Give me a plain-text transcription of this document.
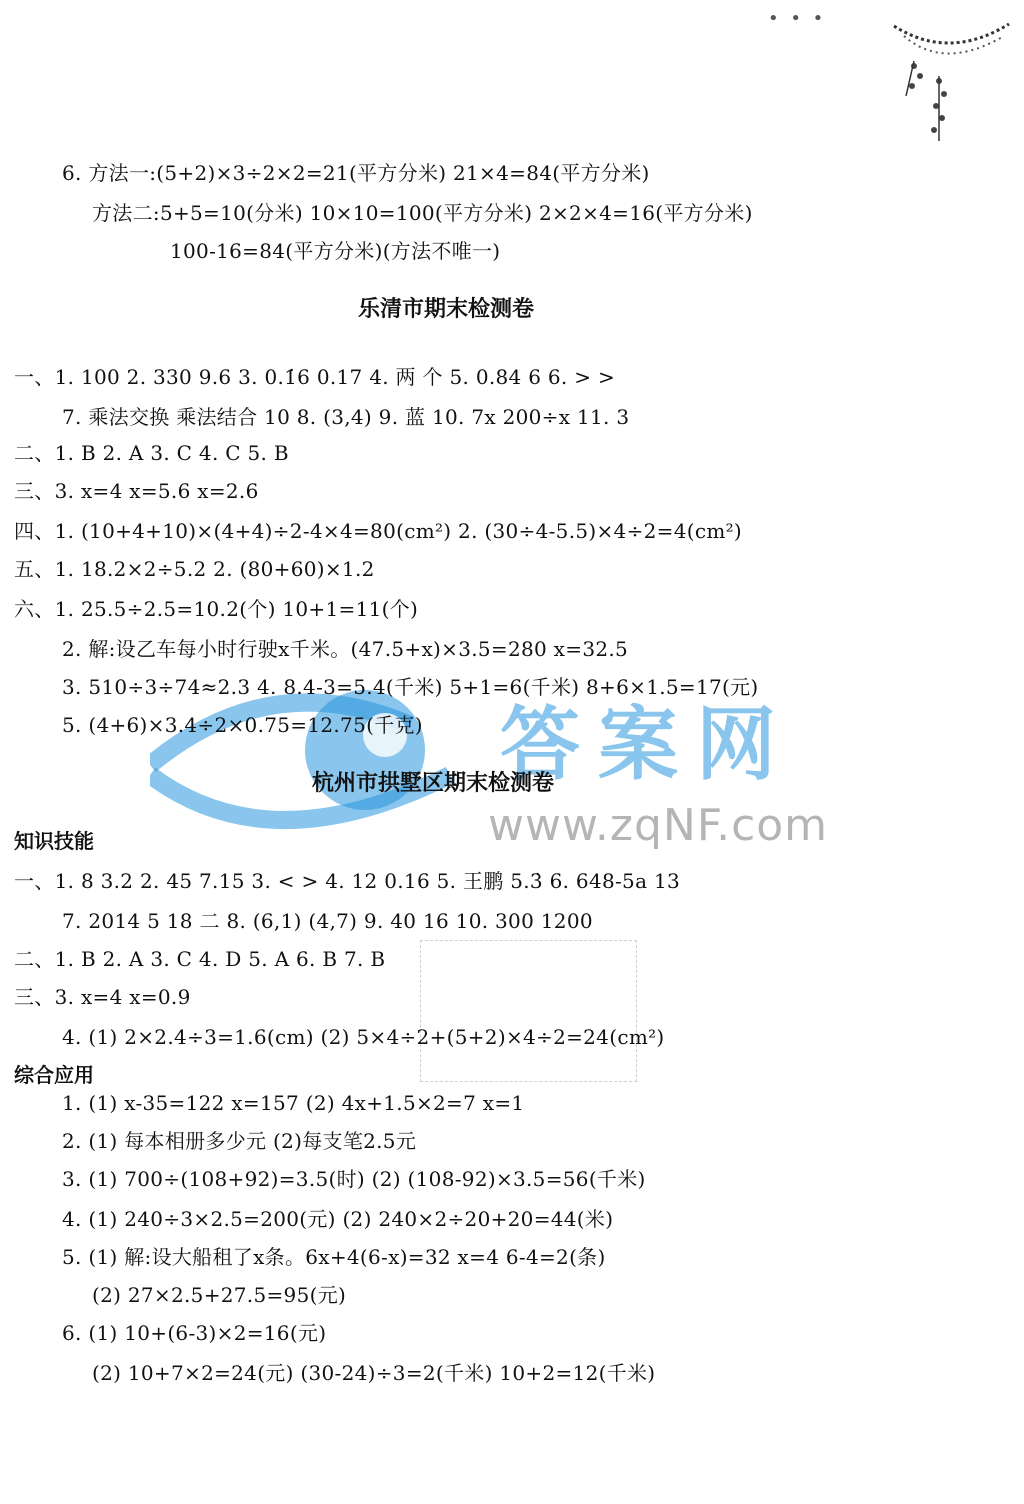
• • •
答案网
www.zqNF.com
6. 方法一:(5+2)×3÷2×2=21(平方分米) 21×4=84(平方分米)
方法二:5+5=10(分米) 10×10=100(平方分米) 2×2×4=16(平方分米)
100-16=84(平方分米)(方法不唯一)
乐清市期末检测卷
一、1. 100 2. 330 9.6 3. 0.1̇6 0.17 4. 两 个 5. 0.84 6 6. > >
7. 乘法交换 乘法结合 10 8. (3,4) 9. 蓝 10. 7x 200÷x 11. 3
二、1. B 2. A 3. C 4. C 5. B
三、3. x=4 x=5.6 x=2.6
四、1. (10+4+10)×(4+4)÷2-4×4=80(cm²) 2. (30÷4-5.5)×4÷2=4(cm²)
五、1. 18.2×2÷5.2 2. (80+60)×1.2
六、1. 25.5÷2.5=10.2(个) 10+1=11(个)
2. 解:设乙车每小时行驶x千米。(47.5+x)×3.5=280 x=32.5
3. 510÷3÷74≈2.3 4. 8.4-3=5.4(千米) 5+1=6(千米) 8+6×1.5=17(元)
5. (4+6)×3.4÷2×0.75=12.75(千克)
杭州市拱墅区期末检测卷
知识技能
一、1. 8 3.2 2. 45 7.15 3. < > 4. 12 0.16 5. 王鹏 5.3̇ 6. 648-5a 13
7. 2014 5 18 二 8. (6,1) (4,7) 9. 40 16 10. 300 1200
二、1. B 2. A 3. C 4. D 5. A 6. B 7. B
三、3. x=4 x=0.9
4. (1) 2×2.4÷3=1.6(cm) (2) 5×4÷2+(5+2)×4÷2=24(cm²)
综合应用
1. (1) x-35=122 x=157 (2) 4x+1.5×2=7 x=1
2. (1) 每本相册多少元 (2)每支笔2.5元
3. (1) 700÷(108+92)=3.5(时) (2) (108-92)×3.5=56(千米)
4. (1) 240÷3×2.5=200(元) (2) 240×2÷20+20=44(米)
5. (1) 解:设大船租了x条。6x+4(6-x)=32 x=4 6-4=2(条)
(2) 27×2.5+27.5=95(元)
6. (1) 10+(6-3)×2=16(元)
(2) 10+7×2=24(元) (30-24)÷3=2(千米) 10+2=12(千米)
